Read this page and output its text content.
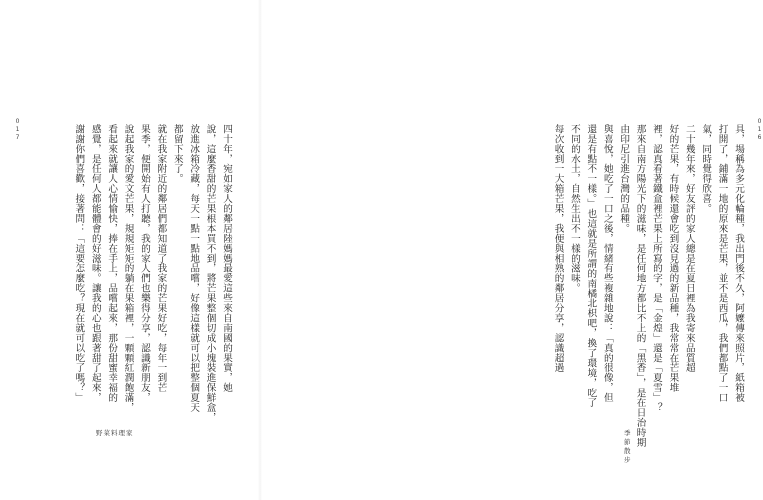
017	四十年，宛如家人的鄰居陸媽媽最愛這些來自南國的果實，她
說，這麼香甜的芒果根本買不到，將芒果整個切成小塊裝進保鮮盒，
放進冰箱冷藏，每天一點一點地品嚐，好像這樣就可以把整個夏天
都留下來了。
就在我家附近的鄰居們都知道了我家的芒果好吃，每年一到芒
果季，便開始有人打聽，我的家人們也樂得分享，認識新朋友，
說起我家的愛文芒果，規規矩矩的躺在果箱裡，一顆顆紅潤飽滿，
看起來就讓人心情愉快，捧在手上，品嚐起來，那份甜蜜幸福的
感覺，是任何人都能體會的好滋味。讓我的心也跟著甜了起來，
謝謝你們喜歡，接著問：「這要怎麼吃？現在就可以吃了嗎？」
野菜料理家
具，場稱為多元化輪種，我出門後不久，阿嬤傳來照片，紙箱被
打開了，鋪滿一地的原來是芒果，並不是西瓜，我們都點了一口
氣，同時覺得欣喜。
二十幾年來，好友評的家人總是在夏日裡為我寄來品質超
好的芒果，有時候還會吃到沒見過的新品種，我常常在芒果堆
裡，認真看著鐵盒裡芒果上所寫的字，是「金煌」還是「夏雪」？
那來自南方陽光下的滋味，是任何地方都比不上的「黑香」，是在日治時期
由印尼引進台灣的品種。
與喜悅，她吃了一口之後，情緒有些複雜地說：「真的很像，但
還是有點不一樣。」也這就是所謂的南橘北枳吧，換了環境，吃了
不同的水土，自然生出不一樣的滋味。
每次收到一大箱芒果，我便與相熟的鄰居分享，認識超過	016
季節散步
